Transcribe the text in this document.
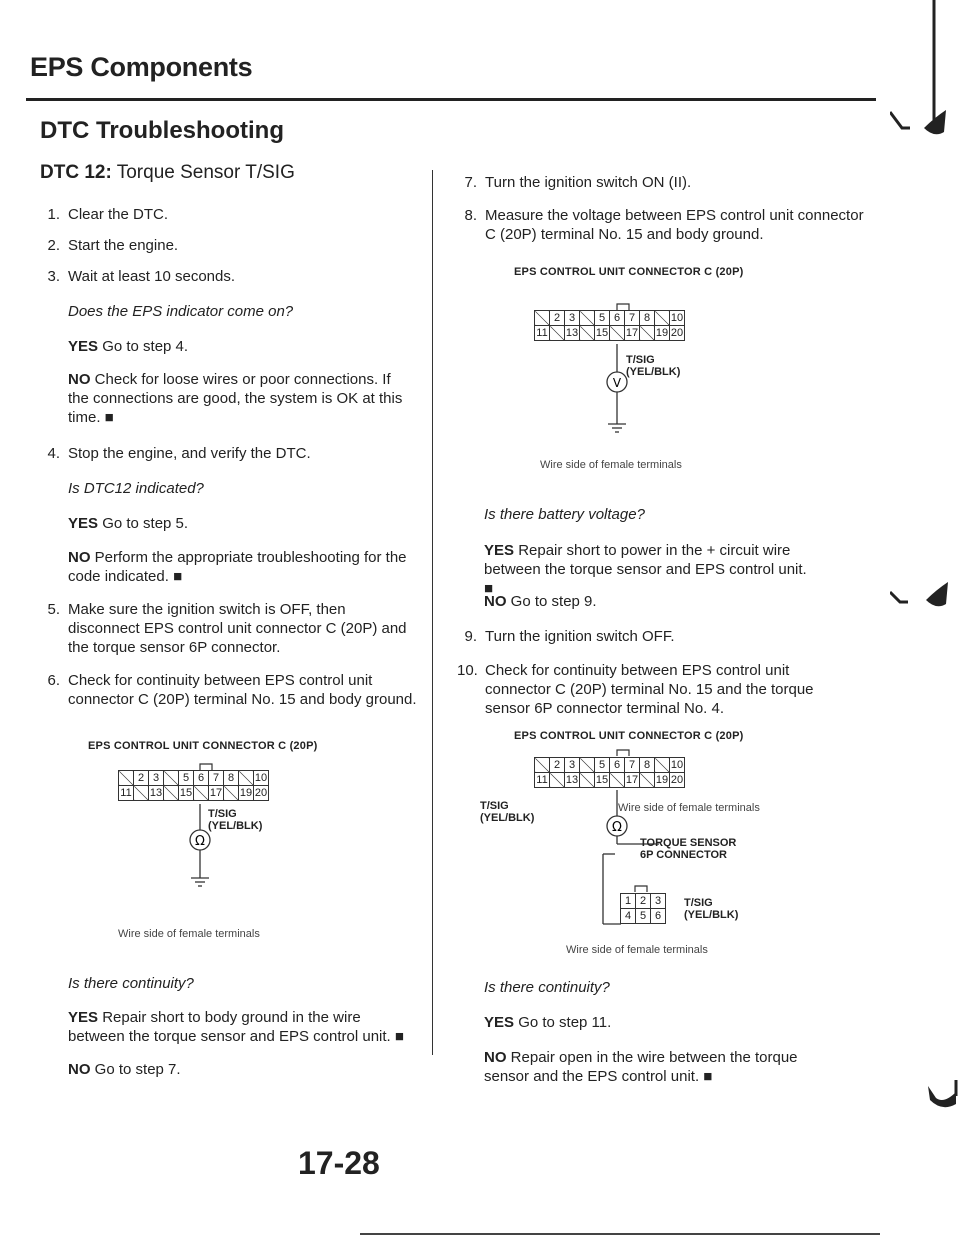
EPS Components
DTC Troubleshooting
DTC 12: Torque Sensor T/SIG
1. Clear the DTC.
2. Start the engine.
3. Wait at least 10 seconds.
Does the EPS indicator come on?
YES Go to step 4.
NO Check for loose wires or poor connections. If the connections are good, the system is OK at this time. ■
4. Stop the engine, and verify the DTC.
Is DTC12 indicated?
YES Go to step 5.
NO Perform the appropriate troubleshooting for the code indicated. ■
5. Make sure the ignition switch is OFF, then disconnect EPS control unit connector C (20P) and the torque sensor 6P connector.
6. Check for continuity between EPS control unit connector C (20P) terminal No. 15 and body ground.
EPS CONTROL UNIT CONNECTOR C (20P)
	2	3		5	6	7	8		10
11		13		15		17		19	20
Ω
T/SIG
(YEL/BLK)
Wire side of female terminals
Is there continuity?
YES Repair short to body ground in the wire between the torque sensor and EPS control unit. ■
NO Go to step 7.
7. Turn the ignition switch ON (II).
8. Measure the voltage between EPS control unit connector C (20P) terminal No. 15 and body ground.
EPS CONTROL UNIT CONNECTOR C (20P)
	2	3		5	6	7	8		10
11		13		15		17		19	20
V
T/SIG
(YEL/BLK)
Wire side of female terminals
Is there battery voltage?
YES Repair short to power in the + circuit wire between the torque sensor and EPS control unit. ■
NO Go to step 9.
9. Turn the ignition switch OFF.
10. Check for continuity between EPS control unit connector C (20P) terminal No. 15 and the torque sensor 6P connector terminal No. 4.
EPS CONTROL UNIT CONNECTOR C (20P)
	2	3		5	6	7	8		10
11		13		15		17		19	20
Ω
T/SIG
(YEL/BLK)
Wire side of female terminals
TORQUE SENSOR
6P CONNECTOR
1	2	3
4	5	6
T/SIG
(YEL/BLK)
Wire side of female terminals
Is there continuity?
YES Go to step 11.
NO Repair open in the wire between the torque sensor and the EPS control unit. ■
17-28
